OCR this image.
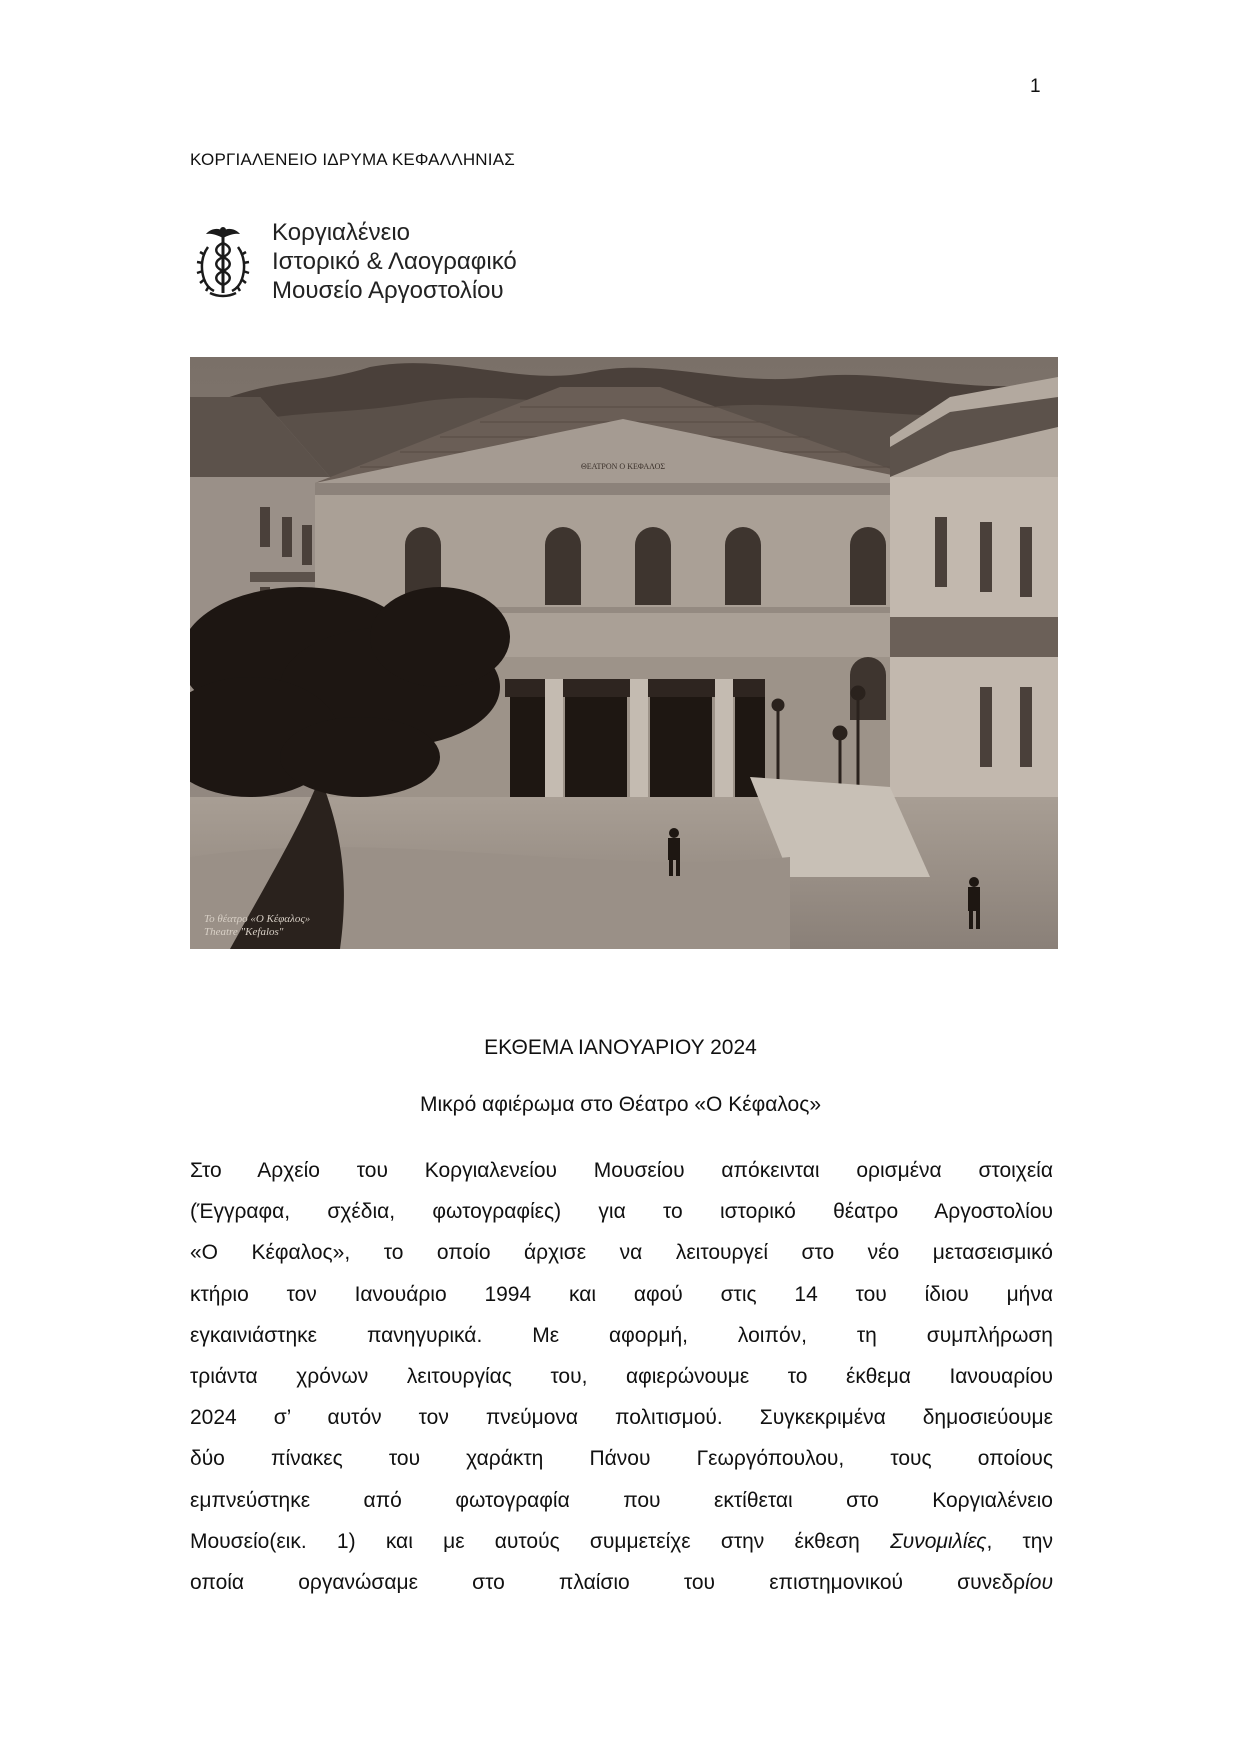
1
ΚΟΡΓΙΑΛΕΝΕΙΟ ΙΔΡΥΜΑ ΚΕΦΑΛΛΗΝΙΑΣ
Κοργιαλένειο
Ιστορικό & Λαογραφικό
Μουσείο Αργοστολίου
ΘΕΑΤΡΟΝ Ο ΚΕΦΑΛΟΣ
Το θέατρο «Ο Κέφαλος»
Theatre "Kefalos"
ΕΚΘΕΜΑ ΙΑΝΟΥΑΡΙΟΥ 2024
Μικρό αφιέρωμα στο Θέατρο «Ο Κέφαλος»
Στο Αρχείο του Κοργιαλενείου Μουσείου απόκεινται ορισμένα στοιχεία
(Έγγραφα, σχέδια, φωτογραφίες) για το ιστορικό θέατρο Αργοστολίου
«Ο Κέφαλος», το οποίο άρχισε να λειτουργεί στο νέο μετασεισμικό
κτήριο τον Ιανουάριο 1994 και αφού στις 14 του ίδιου μήνα
εγκαινιάστηκε πανηγυρικά. Με αφορμή, λοιπόν, τη συμπλήρωση
τριάντα χρόνων λειτουργίας του, αφιερώνουμε το έκθεμα Ιανουαρίου
2024 σ’ αυτόν τον πνεύμονα πολιτισμού. Συγκεκριμένα δημοσιεύουμε
δύο πίνακες του χαράκτη Πάνου Γεωργόπουλου, τους οποίους
εμπνεύστηκε από φωτογραφία που εκτίθεται στο Κοργιαλένειο
Μουσείο(εικ. 1) και με αυτούς συμμετείχε στην έκθεση Συνομιλίες, την
οποία οργανώσαμε στο πλαίσιο του επιστημονικού συνεδρίου
